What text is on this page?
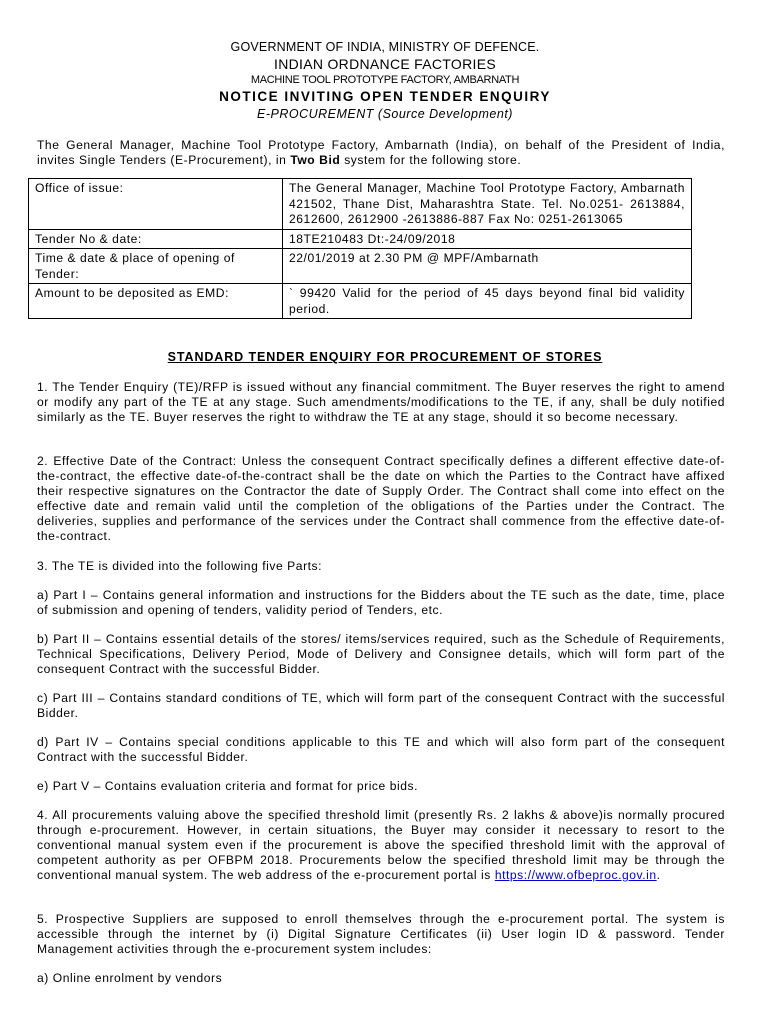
GOVERNMENT OF INDIA, MINISTRY OF DEFENCE.
INDIAN ORDNANCE FACTORIES
MACHINE TOOL PROTOTYPE FACTORY, AMBARNATH
NOTICE INVITING OPEN TENDER ENQUIRY
E-PROCUREMENT (Source Development)
The General Manager, Machine Tool Prototype Factory, Ambarnath (India), on behalf of the President of India, invites Single Tenders (E-Procurement), in Two Bid system for the following store.
Office of issue:	The General Manager, Machine Tool Prototype Factory, Ambarnath 421502, Thane Dist, Maharashtra State. Tel. No.0251- 2613884, 2612600, 2612900 -2613886-887 Fax No: 0251-2613065
Tender No & date:	18TE210483 Dt:-24/09/2018
Time & date & place of opening of Tender:	22/01/2019 at 2.30 PM @ MPF/Ambarnath
Amount to be deposited as EMD:	` 99420 Valid for the period of 45 days beyond final bid validity period.
STANDARD TENDER ENQUIRY FOR PROCUREMENT OF STORES
1. The Tender Enquiry (TE)/RFP is issued without any financial commitment. The Buyer reserves the right to amend or modify any part of the TE at any stage. Such amendments/modifications to the TE, if any, shall be duly notified similarly as the TE. Buyer reserves the right to withdraw the TE at any stage, should it so become necessary.
2. Effective Date of the Contract: Unless the consequent Contract specifically defines a different effective date-of-the-contract, the effective date-of-the-contract shall be the date on which the Parties to the Contract have affixed their respective signatures on the Contractor the date of Supply Order. The Contract shall come into effect on the effective date and remain valid until the completion of the obligations of the Parties under the Contract. The deliveries, supplies and performance of the services under the Contract shall commence from the effective date-of-the-contract.
3. The TE is divided into the following five Parts:
a) Part I – Contains general information and instructions for the Bidders about the TE such as the date, time, place of submission and opening of tenders, validity period of Tenders, etc.
b) Part II – Contains essential details of the stores/ items/services required, such as the Schedule of Requirements, Technical Specifications, Delivery Period, Mode of Delivery and Consignee details, which will form part of the consequent Contract with the successful Bidder.
c) Part III – Contains standard conditions of TE, which will form part of the consequent Contract with the successful Bidder.
d) Part IV – Contains special conditions applicable to this TE and which will also form part of the consequent Contract with the successful Bidder.
e) Part V – Contains evaluation criteria and format for price bids.
4. All procurements valuing above the specified threshold limit (presently Rs. 2 lakhs & above)is normally procured through e-procurement. However, in certain situations, the Buyer may consider it necessary to resort to the conventional manual system even if the procurement is above the specified threshold limit with the approval of competent authority as per OFBPM 2018. Procurements below the specified threshold limit may be through the conventional manual system. The web address of the e-procurement portal is https://www.ofbeproc.gov.in.
5. Prospective Suppliers are supposed to enroll themselves through the e-procurement portal. The system is accessible through the internet by (i) Digital Signature Certificates (ii) User login ID & password. Tender Management activities through the e-procurement system includes:
a) Online enrolment by vendors
